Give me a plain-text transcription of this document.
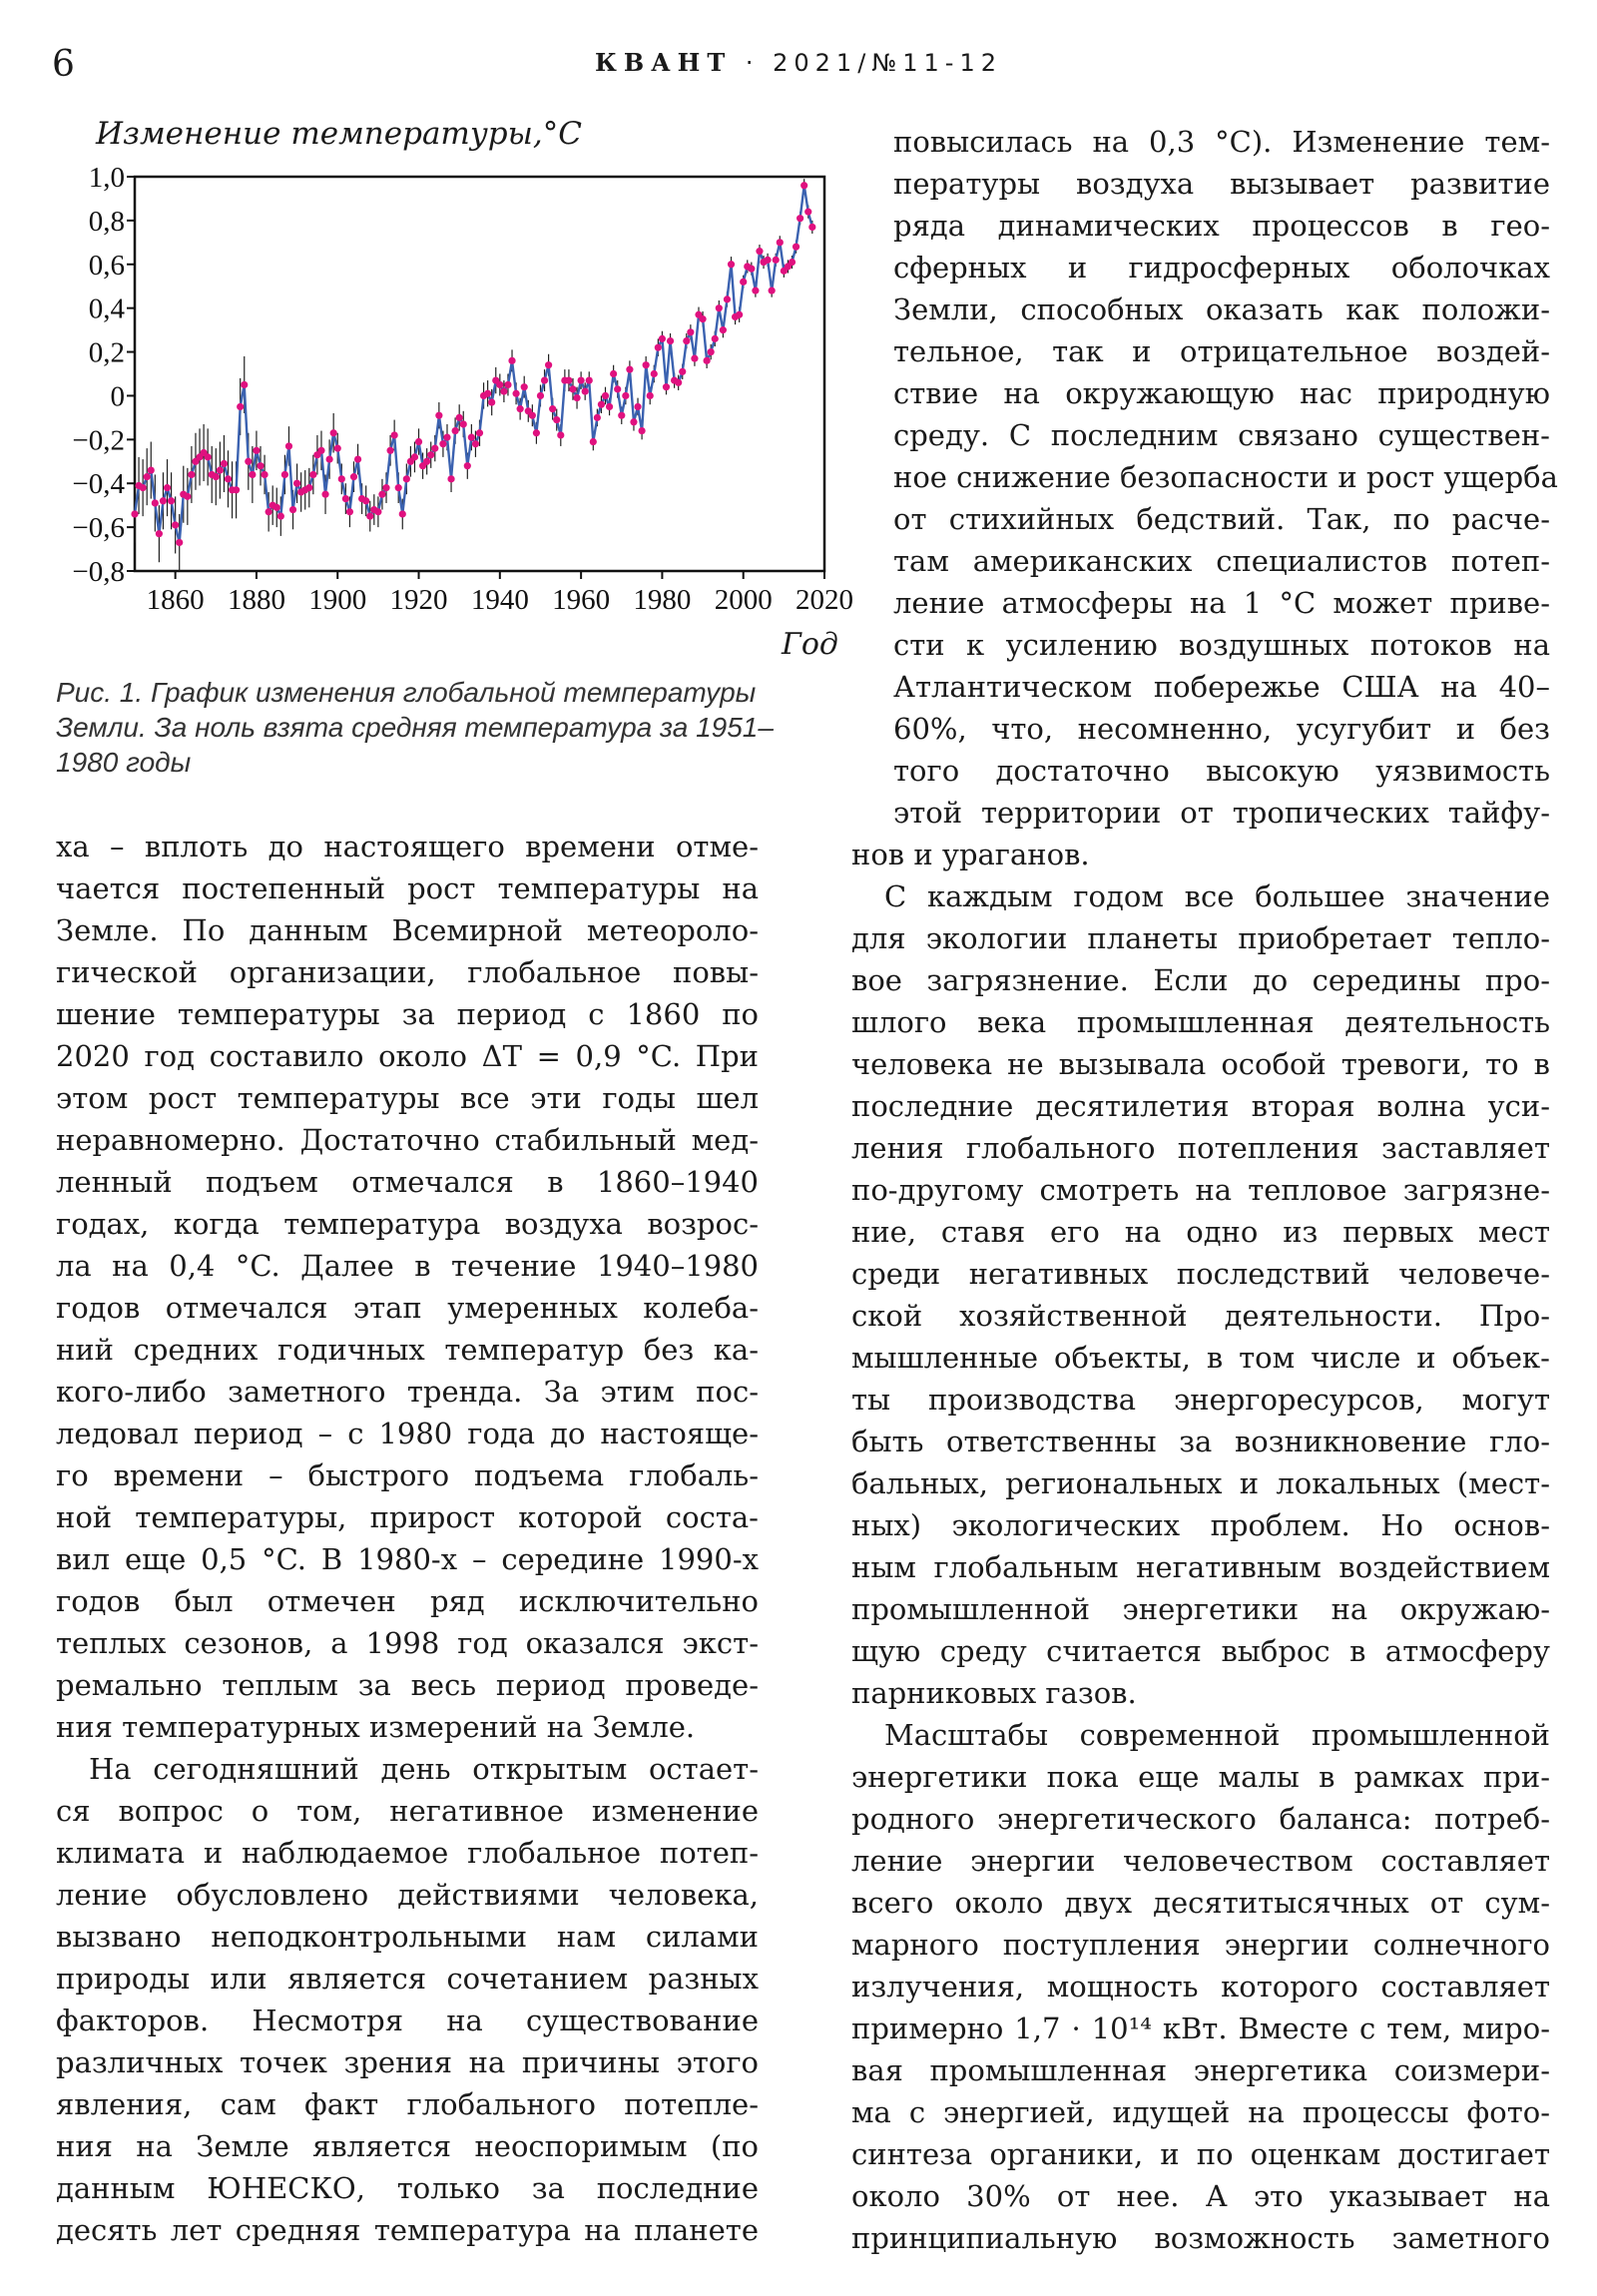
6	КВАНТ · 2021/№11-12
Изменение температуры,°C
1,0
0,8
0,6
0,4
0,2
0
−0,2
−0,4
−0,6
−0,8
1860 1880 1900 1920 1940 1960 1980 2000 2020
Год
Рис. 1. График изменения глобальной температуры
Земли. За ноль взята средняя температура за 1951–
1980 годы
ха – вплоть до настоящего времени отме-
чается постепенный рост температуры на
Земле. По данным Всемирной метеороло-
гической организации, глобальное повы-
шение температуры за период с 1860 по
2020 год составило около ΔT = 0,9 °C. При
этом рост температуры все эти годы шел
неравномерно. Достаточно стабильный мед-
ленный подъем отмечался в 1860–1940
годах, когда температура воздуха возрос-
ла на 0,4 °C. Далее в течение 1940–1980
годов отмечался этап умеренных колеба-
ний средних годичных температур без ка-
кого-либо заметного тренда. За этим пос-
ледовал период – с 1980 года до настояще-
го времени – быстрого подъема глобаль-
ной температуры, прирост которой соста-
вил еще 0,5 °C. В 1980-х – середине 1990-х
годов был отмечен ряд исключительно
теплых сезонов, а 1998 год оказался экст-
ремально теплым за весь период проведе-
ния температурных измерений на Земле.
На сегодняшний день открытым остает-
ся вопрос о том, негативное изменение
климата и наблюдаемое глобальное потеп-
ление обусловлено действиями человека,
вызвано неподконтрольными нам силами
природы или является сочетанием разных
факторов. Несмотря на существование
различных точек зрения на причины этого
явления, сам факт глобального потепле-
ния на Земле является неоспоримым (по
данным ЮНЕСКО, только за последние
десять лет средняя температура на планете
повысилась на 0,3 °C). Изменение тем-
пературы воздуха вызывает развитие
ряда динамических процессов в гео-
сферных и гидросферных оболочках
Земли, способных оказать как положи-
тельное, так и отрицательное воздей-
ствие на окружающую нас природную
среду. С последним связано существен-
ное снижение безопасности и рост ущерба
от стихийных бедствий. Так, по расче-
там американских специалистов потеп-
ление атмосферы на 1 °C может приве-
сти к усилению воздушных потоков на
Атлантическом побережье США на 40–
60%, что, несомненно, усугубит и без
того достаточно высокую уязвимость
этой территории от тропических тайфу-
нов и ураганов.
С каждым годом все большее значение
для экологии планеты приобретает тепло-
вое загрязнение. Если до середины про-
шлого века промышленная деятельность
человека не вызывала особой тревоги, то в
последние десятилетия вторая волна уси-
ления глобального потепления заставляет
по-другому смотреть на тепловое загрязне-
ние, ставя его на одно из первых мест
среди негативных последствий человече-
ской хозяйственной деятельности. Про-
мышленные объекты, в том числе и объек-
ты производства энергоресурсов, могут
быть ответственны за возникновение гло-
бальных, региональных и локальных (мест-
ных) экологических проблем. Но основ-
ным глобальным негативным воздействием
промышленной энергетики на окружаю-
щую среду считается выброс в атмосферу
парниковых газов.
Масштабы современной промышленной
энергетики пока еще малы в рамках при-
родного энергетического баланса: потреб-
ление энергии человечеством составляет
всего около двух десятитысячных от сум-
марного поступления энергии солнечного
излучения, мощность которого составляет
примерно 1,7 · 10¹⁴ кВт. Вместе с тем, миро-
вая промышленная энергетика соизмери-
ма с энергией, идущей на процессы фото-
синтеза органики, и по оценкам достигает
около 30% от нее. А это указывает на
принципиальную возможность заметного
